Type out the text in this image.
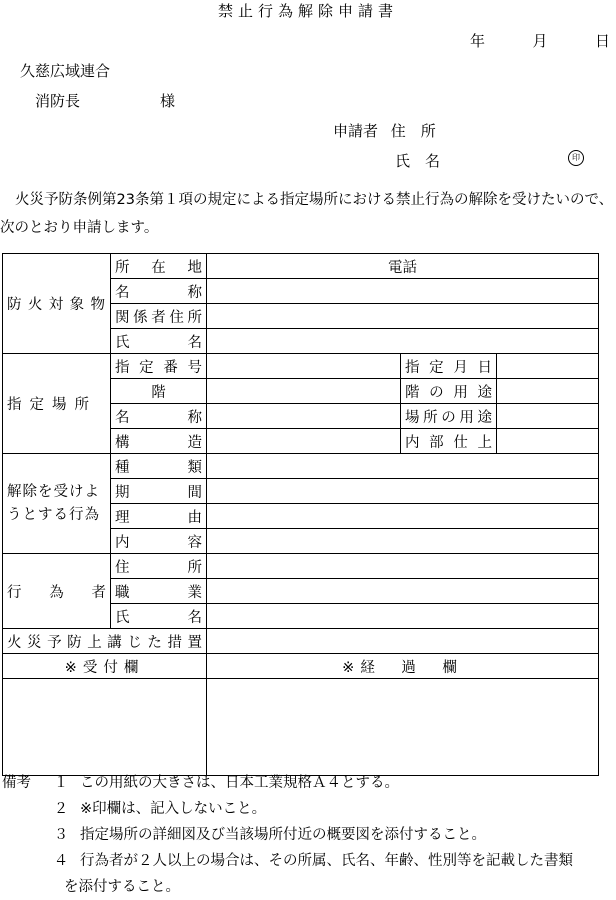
禁止行為解除申請書
年	月	日
久慈広域連合
消防長	様
申請者 住　所
氏　名	印
火災予防条例第23条第１項の規定による指定場所における禁止行為の解除を受けたいので、次のとおり申請します。
防火対象物	所在地	電話		
	名称			
	関係者住所			
	氏名			
指定場所	指定番号		指定月日	
	階		階の用途	
	名称		場所の用途	
	構造		内部仕上	
解除を受けようとする行為	種類			
	期間			
	理由			
	内容			
行為者	住所			
	職業			
	氏名			
火災予防上講じた措置				
※受付欄		※経　過　欄		

備考	１ この用紙の大きさは、日本工業規格Ａ４とする。
２ ※印欄は、記入しないこと。
３ 指定場所の詳細図及び当該場所付近の概要図を添付すること。
４ 行為者が２人以上の場合は、その所属、氏名、年齢、性別等を記載した書類
を添付すること。
